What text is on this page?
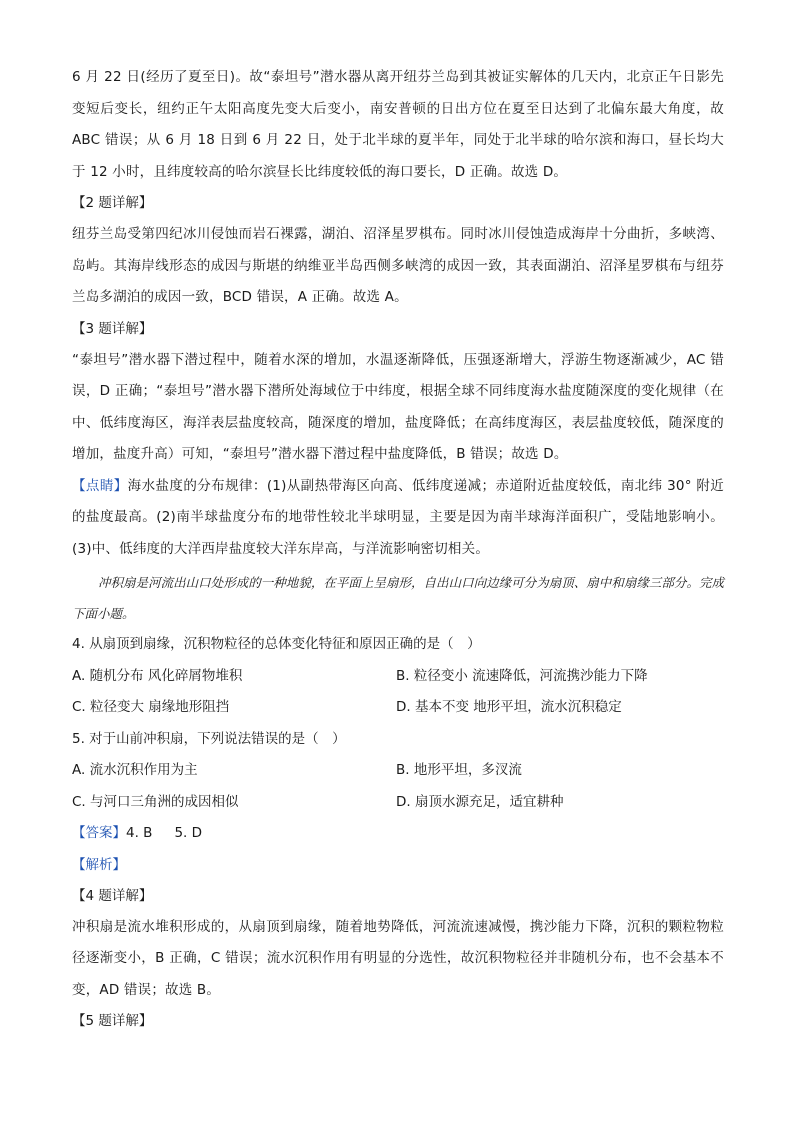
6 月 22 日(经历了夏至日)。故“泰坦号”潜水器从离开纽芬兰岛到其被证实解体的几天内，北京正午日影先变短后变长，纽约正午太阳高度先变大后变小，南安普顿的日出方位在夏至日达到了北偏东最大角度，故 ABC 错误；从 6 月 18 日到 6 月 22 日，处于北半球的夏半年，同处于北半球的哈尔滨和海口，昼长均大于 12 小时，且纬度较高的哈尔滨昼长比纬度较低的海口要长，D 正确。故选 D。

【2 题详解】

纽芬兰岛受第四纪冰川侵蚀而岩石裸露，湖泊、沼泽星罗棋布。同时冰川侵蚀造成海岸十分曲折，多峡湾、岛屿。其海岸线形态的成因与斯堪的纳维亚半岛西侧多峡湾的成因一致，其表面湖泊、沼泽星罗棋布与纽芬兰岛多湖泊的成因一致，BCD 错误，A 正确。故选 A。

【3 题详解】

“泰坦号”潜水器下潜过程中，随着水深的增加，水温逐渐降低，压强逐渐增大，浮游生物逐渐减少，AC 错误，D 正确；“泰坦号”潜水器下潜所处海域位于中纬度，根据全球不同纬度海水盐度随深度的变化规律（在中、低纬度海区，海洋表层盐度较高，随深度的增加，盐度降低；在高纬度海区，表层盐度较低，随深度的增加，盐度升高）可知，“泰坦号”潜水器下潜过程中盐度降低，B 错误；故选 D。

【点睛】海水盐度的分布规律：(1)从副热带海区向高、低纬度递减；赤道附近盐度较低，南北纬 30° 附近的盐度最高。(2)南半球盐度分布的地带性较北半球明显，主要是因为南半球海洋面积广，受陆地影响小。(3)中、低纬度的大洋西岸盐度较大洋东岸高，与洋流影响密切相关。

冲积扇是河流出山口处形成的一种地貌，在平面上呈扇形，自出山口向边缘可分为扇顶、扇中和扇缘三部分。完成下面小题。

4. 从扇顶到扇缘，沉积物粒径的总体变化特征和原因正确的是（　）

A. 随机分布 风化碎屑物堆积	B. 粒径变小 流速降低，河流携沙能力下降
C. 粒径变大 扇缘地形阻挡	D. 基本不变 地形平坦，流水沉积稳定

5. 对于山前冲积扇，下列说法错误的是（　）

A. 流水沉积作用为主	B. 地形平坦，多汊流
C. 与河口三角洲的成因相似	D. 扇顶水源充足，适宜耕种
【答案】4. B 5. D

【解析】

【4 题详解】

冲积扇是流水堆积形成的，从扇顶到扇缘，随着地势降低，河流流速减慢，携沙能力下降，沉积的颗粒物粒径逐渐变小，B 正确，C 错误；流水沉积作用有明显的分选性，故沉积物粒径并非随机分布，也不会基本不变，AD 错误；故选 B。

【5 题详解】
